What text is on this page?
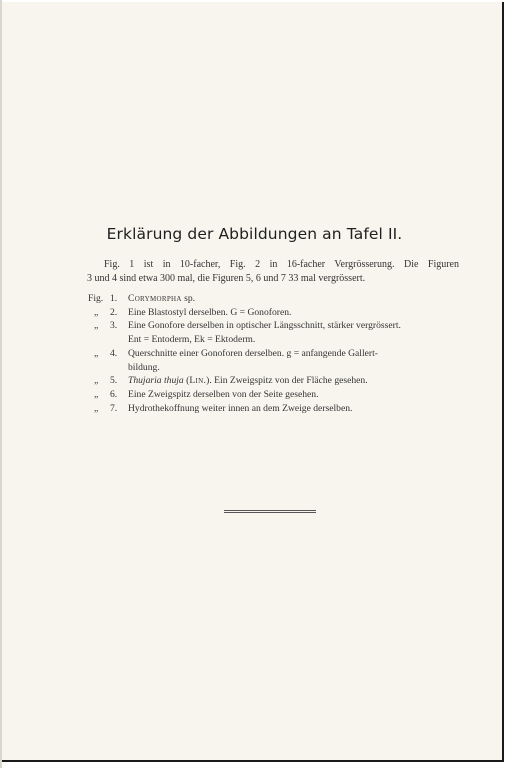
Erklärung der Abbildungen an Tafel II.
Fig. 1 ist in 10-facher, Fig. 2 in 16-facher Vergrösserung. Die Figuren
3 und 4 sind etwa 300 mal, die Figuren 5, 6 und 7 33 mal vergrössert.
Fig. 1.	Corymorpha sp.
„	2.	Eine Blastostyl derselben. G = Gonoforen.
„	3.	Eine Gonofore derselben in optischer Längsschnitt, stärker vergrössert.
Ent = Entoderm, Ek = Ektoderm.
„	4.	Querschnitte einer Gonoforen derselben. g = anfangende Gallert-
bildung.
„	5.	Thujaria thuja (Lin.). Ein Zweigspitz von der Fläche gesehen.
„	6.	Eine Zweigspitz derselben von der Seite gesehen.
„	7.	Hydrothekoffnung weiter innen an dem Zweige derselben.
